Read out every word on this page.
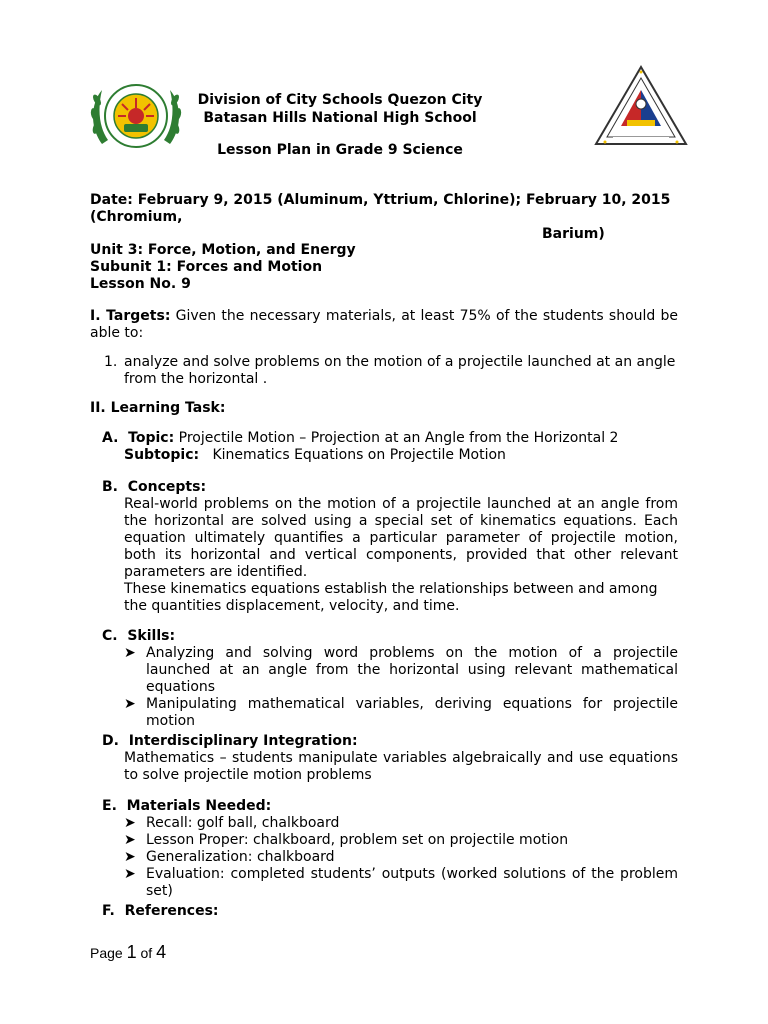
Division of City Schools Quezon City
Batasan Hills National High School
Lesson Plan in Grade 9 Science
Date: February 9, 2015 (Aluminum, Yttrium, Chlorine); February 10, 2015
(Chromium,
Barium)
Unit 3: Force, Motion, and Energy
Subunit 1: Forces and Motion
Lesson No. 9
I. Targets: Given the necessary materials, at least 75% of the students should be able to:
1. analyze and solve problems on the motion of a projectile launched at an angle from the horizontal .
II. Learning Task:
A.  Topic: Projectile Motion – Projection at an Angle from the Horizontal 2
Subtopic: Kinematics Equations on Projectile Motion
B.  Concepts:
Real-world problems on the motion of a projectile launched at an angle from the horizontal are solved using a special set of kinematics equations. Each equation ultimately quantifies a particular parameter of projectile motion, both its horizontal and vertical components, provided that other relevant parameters are identified.
These kinematics equations establish the relationships between and among the quantities displacement, velocity, and time.
C.  Skills:
➤ Analyzing and solving word problems on the motion of a projectile launched at an angle from the horizontal using relevant mathematical equations
➤ Manipulating mathematical variables, deriving equations for projectile motion
D.  Interdisciplinary Integration:
Mathematics – students manipulate variables algebraically and use equations to solve projectile motion problems
E.  Materials Needed:
➤ Recall: golf ball, chalkboard
➤ Lesson Proper: chalkboard, problem set on projectile motion
➤ Generalization: chalkboard
➤ Evaluation: completed students’ outputs (worked solutions of the problem set)
F.  References:
Page 1 of 4
